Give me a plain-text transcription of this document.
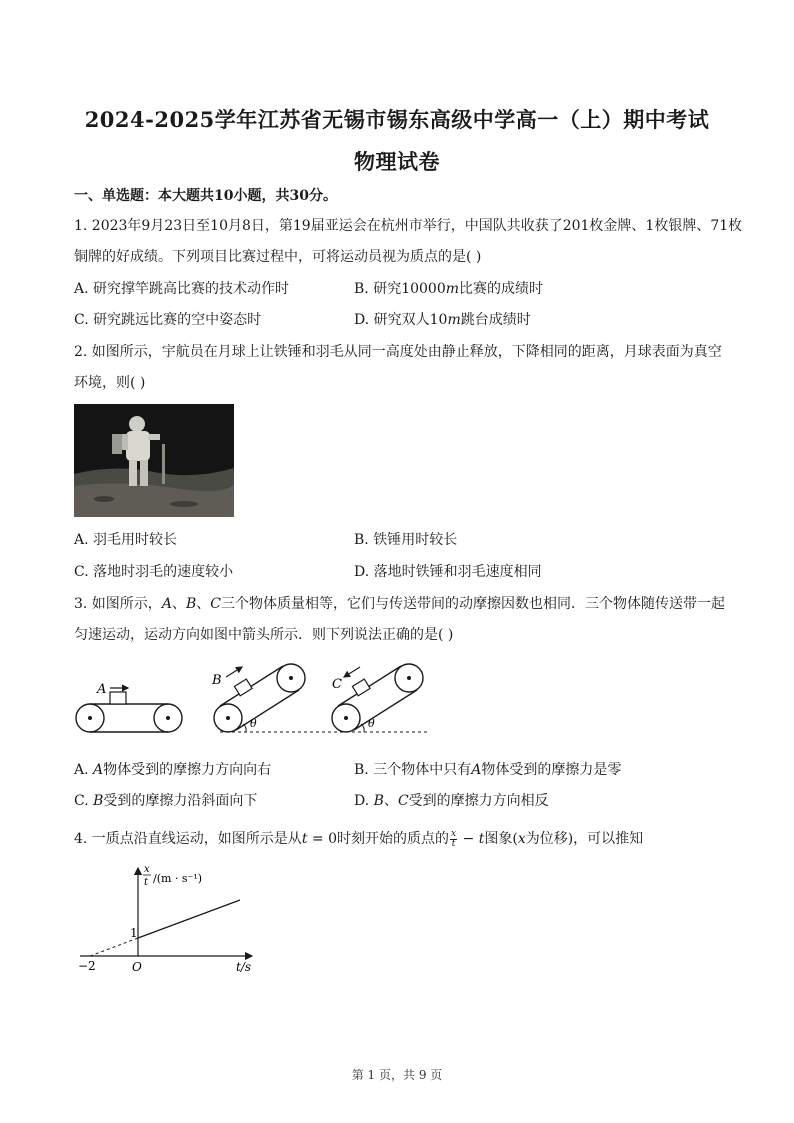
2024-2025学年江苏省无锡市锡东高级中学高一（上）期中考试
物理试卷
一、单选题：本大题共10小题，共30分。
1. 2023年9月23日至10月8日，第19届亚运会在杭州市举行，中国队共收获了201枚金牌、1枚银牌、71枚
铜牌的好成绩。下列项目比赛过程中，可将运动员视为质点的是( )
A. 研究撑竿跳高比赛的技术动作时	B. 研究10000m比赛的成绩时
C. 研究跳远比赛的空中姿态时	D. 研究双人10m跳台成绩时
2. 如图所示，宇航员在月球上让铁锤和羽毛从同一高度处由静止释放，下降相同的距离，月球表面为真空
环境，则( )
A. 羽毛用时较长	B. 铁锤用时较长
C. 落地时羽毛的速度较小	D. 落地时铁锤和羽毛速度相同
3. 如图所示，A、B、C三个物体质量相等，它们与传送带间的动摩擦因数也相同．三个物体随传送带一起
匀速运动，运动方向如图中箭头所示．则下列说法正确的是( )
A
B
θ
C
θ
A. A物体受到的摩擦力方向向右	B. 三个物体中只有A物体受到的摩擦力是零
C. B受到的摩擦力沿斜面向下	D. B、C受到的摩擦力方向相反
4. 一质点沿直线运动，如图所示是从t = 0时刻开始的质点的 $\frac{x}{t} - t$图象(x为位移)，可以推知
1
−2	O	t/s
x
t /(m · s⁻¹)
第 1 页，共 9 页
